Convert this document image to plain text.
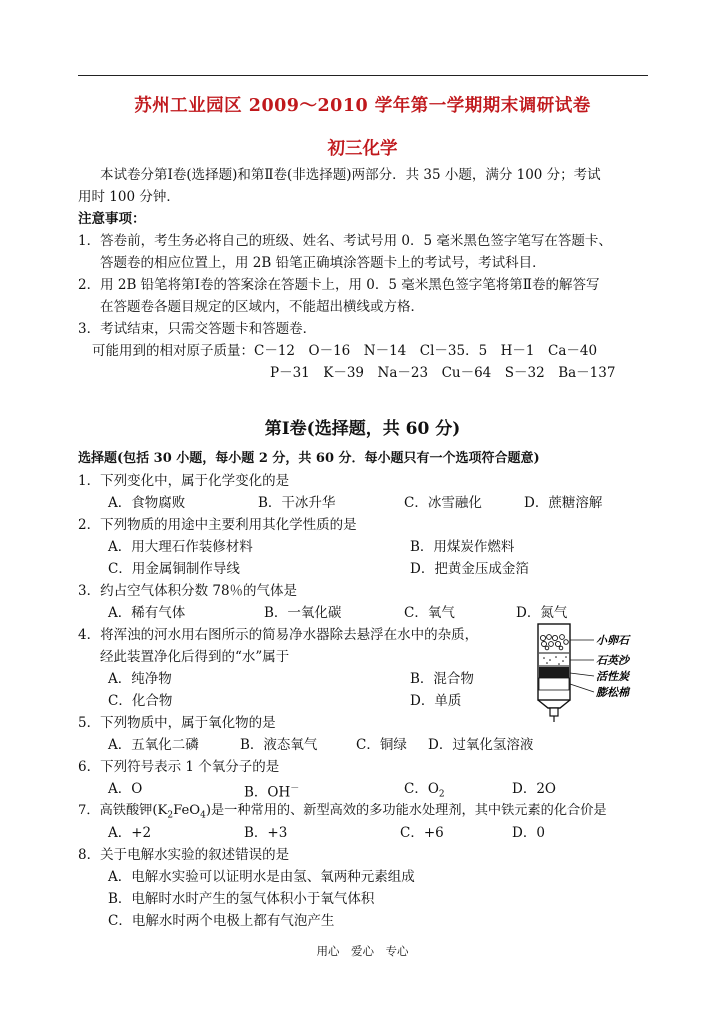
苏州工业园区 2009～2010 学年第一学期期末调研试卷
初三化学
本试卷分第Ⅰ卷(选择题)和第Ⅱ卷(非选择题)两部分．共 35 小题，满分 100 分；考试
用时 100 分钟．
注意事项：
1．答卷前，考生务必将自己的班级、姓名、考试号用 0．5 毫米黑色签字笔写在答题卡、
答题卷的相应位置上，用 2B 铅笔正确填涂答题卡上的考试号，考试科目．
2．用 2B 铅笔将第Ⅰ卷的答案涂在答题卡上，用 0．5 毫米黑色签字笔将第Ⅱ卷的解答写
在答题卷各题目规定的区域内，不能超出横线或方格．
3．考试结束，只需交答题卡和答题卷．
可能用到的相对原子质量：C－12　O－16　N－14　Cl－35．5　H－1　Ca－40
P－31　K－39　Na－23　Cu－64　S－32　Ba－137
第Ⅰ卷(选择题，共 60 分)
选择题(包括 30 小题，每小题 2 分，共 60 分．每小题只有一个选项符合题意)
1．下列变化中，属于化学变化的是
A．食物腐败	B．干冰升华	C．冰雪融化	D．蔗糖溶解
2．下列物质的用途中主要利用其化学性质的是
A．用大理石作装修材料	B．用煤炭作燃料
C．用金属铜制作导线	D．把黄金压成金箔
3．约占空气体积分数 78％的气体是
A．稀有气体	B．一氧化碳	C．氧气	D．氮气
4．将浑浊的河水用右图所示的简易净水器除去悬浮在水中的杂质，
经此装置净化后得到的“水”属于
A．纯净物	B．混合物
C．化合物	D．单质
小卵石
石英沙
活性炭
膨松棉
5．下列物质中，属于氧化物的是
A．五氧化二磷	B．液态氧气	C．铜绿 D．过氧化氢溶液
6．下列符号表示 1 个氧分子的是
A．O	B．OH－	C．$O_2$	D．2O
7．高铁酸钾$(K_2FeO_4)$是一种常用的、新型高效的多功能水处理剂，其中铁元素的化合价是
A．+2	B．+3	C．+6	D．0
8．关于电解水实验的叙述错误的是
A．电解水实验可以证明水是由氢、氧两种元素组成
B．电解时水时产生的氢气体积小于氧气体积
C．电解水时两个电极上都有气泡产生
用心　爱心　专心
